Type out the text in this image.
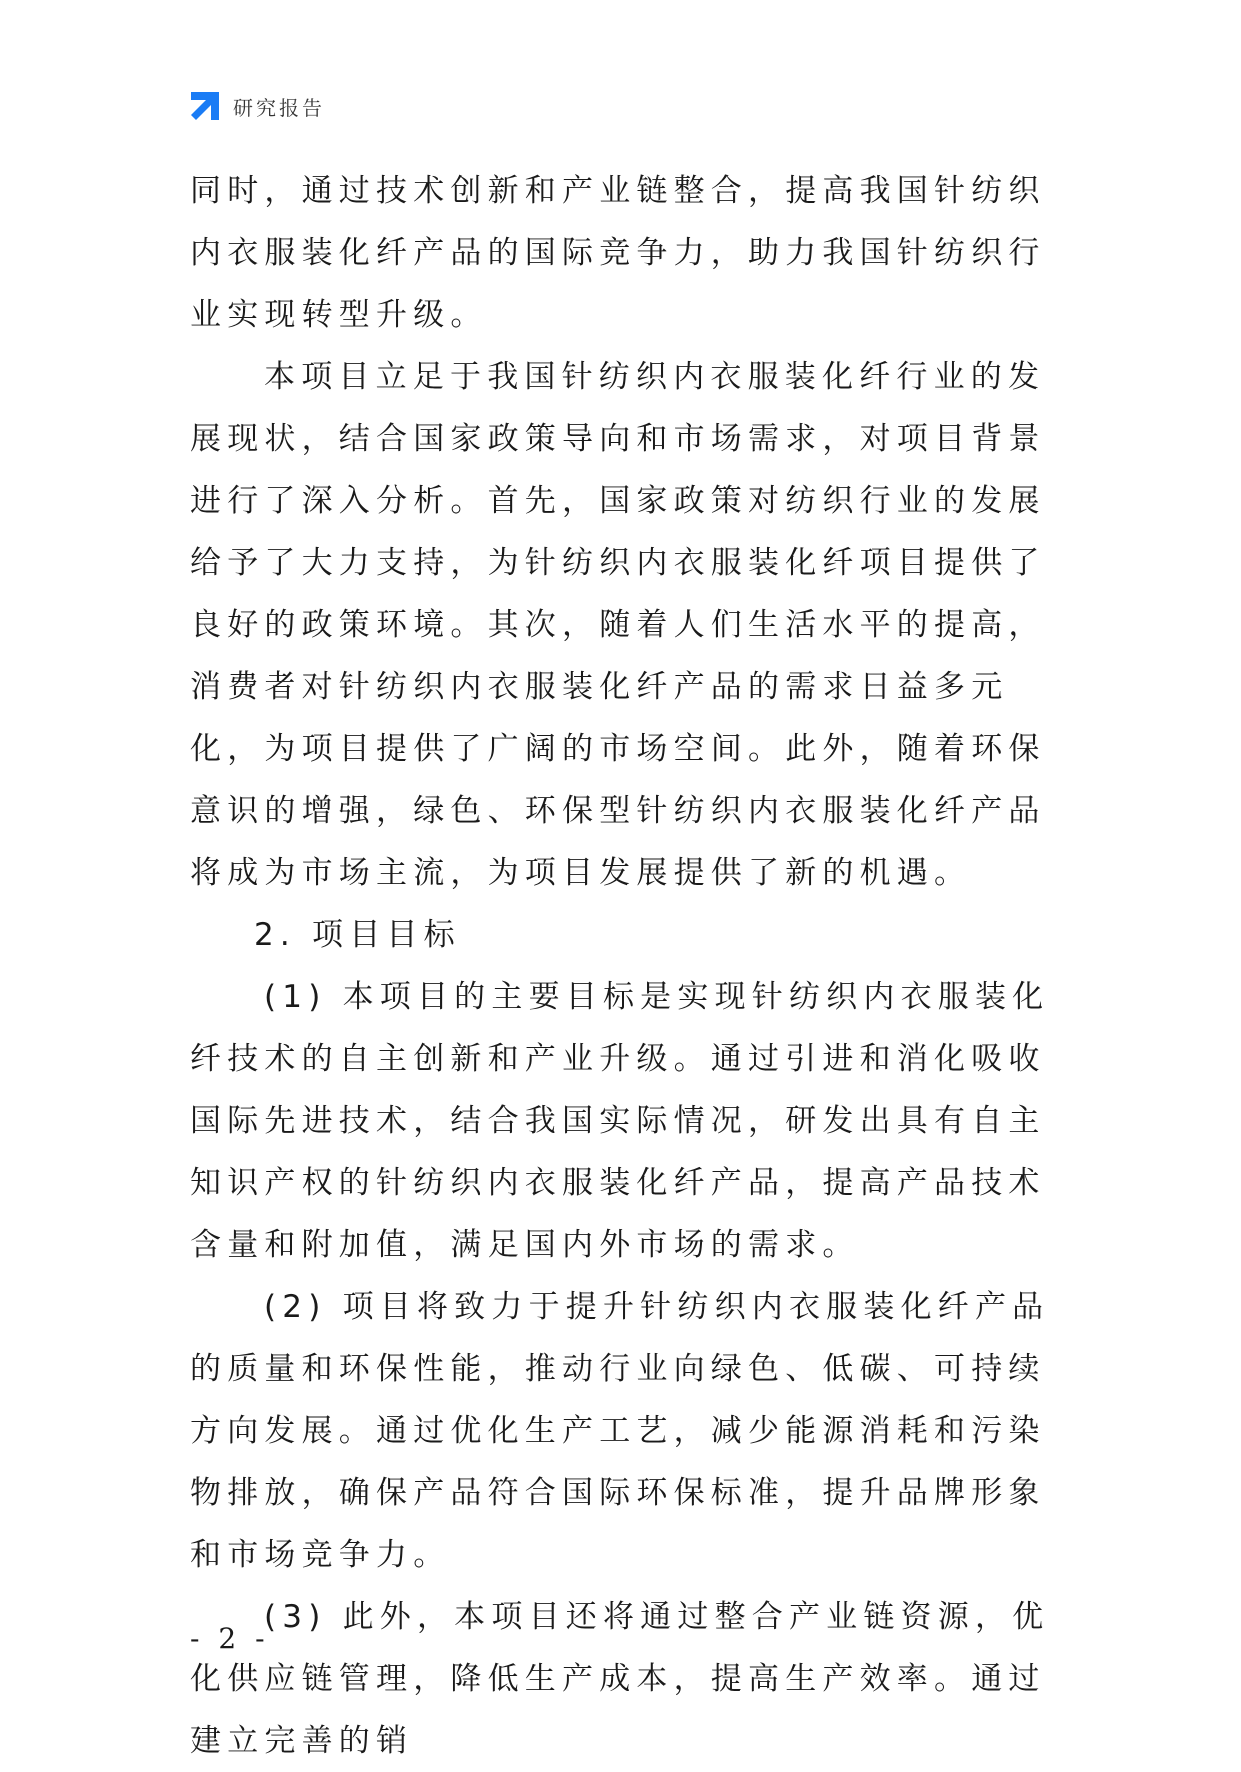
研究报告

同时，通过技术创新和产业链整合，提高我国针纺织内衣服装化纤产品的国际竞争力，助力我国针纺织行业实现转型升级。

本项目立足于我国针纺织内衣服装化纤行业的发展现状，结合国家政策导向和市场需求，对项目背景进行了深入分析。首先，国家政策对纺织行业的发展给予了大力支持，为针纺织内衣服装化纤项目提供了良好的政策环境。其次，随着人们生活水平的提高，消费者对针纺织内衣服装化纤产品的需求日益多元化，为项目提供了广阔的市场空间。此外，随着环保意识的增强，绿色、环保型针纺织内衣服装化纤产品将成为市场主流，为项目发展提供了新的机遇。

2. 项目目标

(1) 本项目的主要目标是实现针纺织内衣服装化纤技术的自主创新和产业升级。通过引进和消化吸收国际先进技术，结合我国实际情况，研发出具有自主知识产权的针纺织内衣服装化纤产品，提高产品技术含量和附加值，满足国内外市场的需求。

(2) 项目将致力于提升针纺织内衣服装化纤产品的质量和环保性能，推动行业向绿色、低碳、可持续方向发展。通过优化生产工艺，减少能源消耗和污染物排放，确保产品符合国际环保标准，提升品牌形象和市场竞争力。

(3) 此外，本项目还将通过整合产业链资源，优化供应链管理，降低生产成本，提高生产效率。通过建立完善的销

- 2 -
